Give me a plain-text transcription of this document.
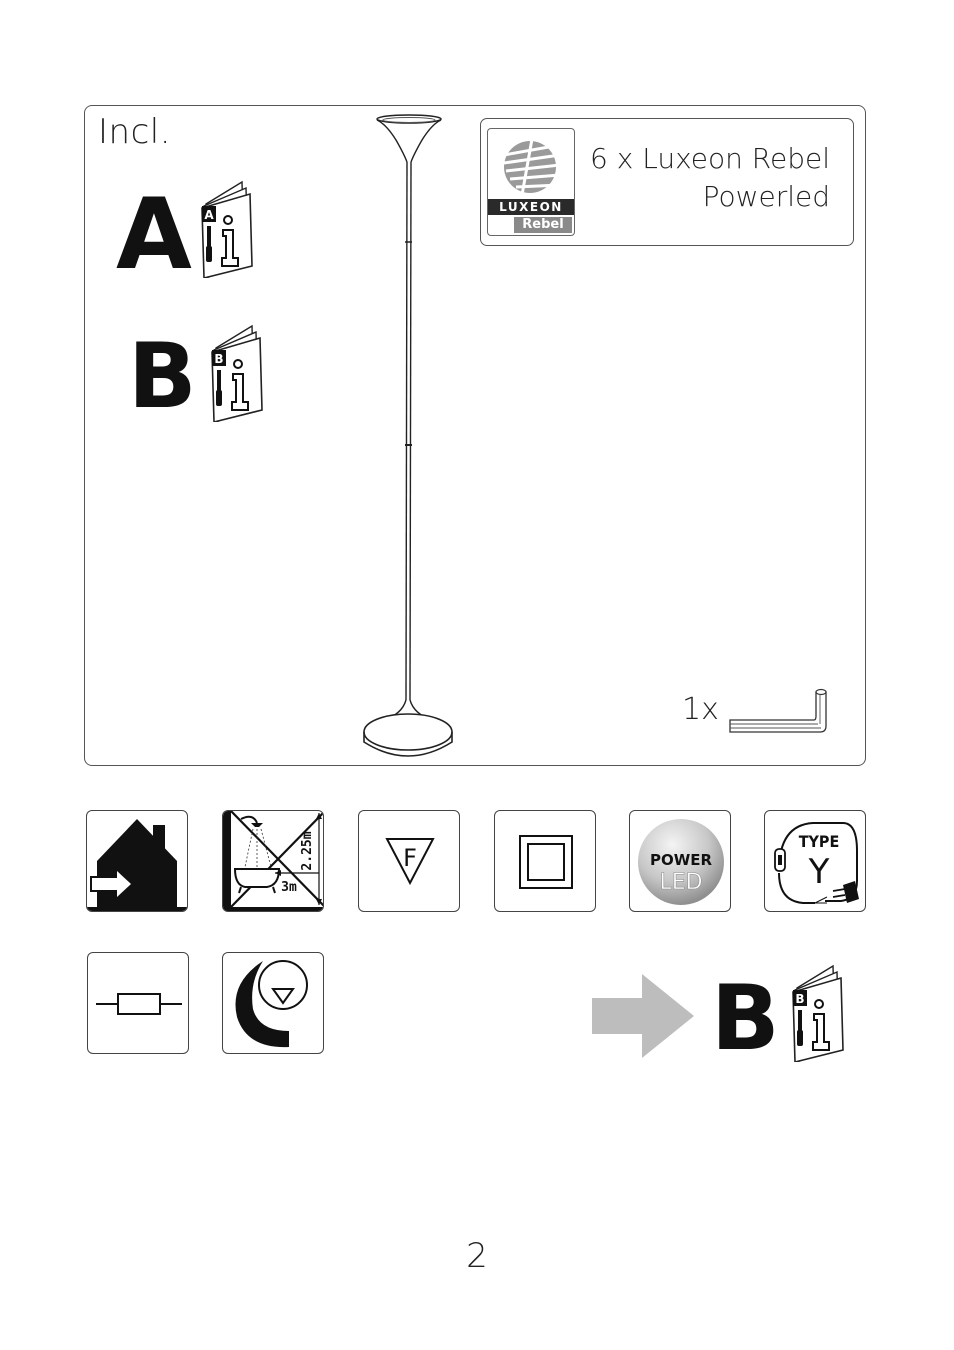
Incl.
A A
B B
LUXEON
Rebel
6 x Luxeon Rebel
Powerled
1x
2.25m
3m
F	POWER
LED
TYPE
Y
B B
2
